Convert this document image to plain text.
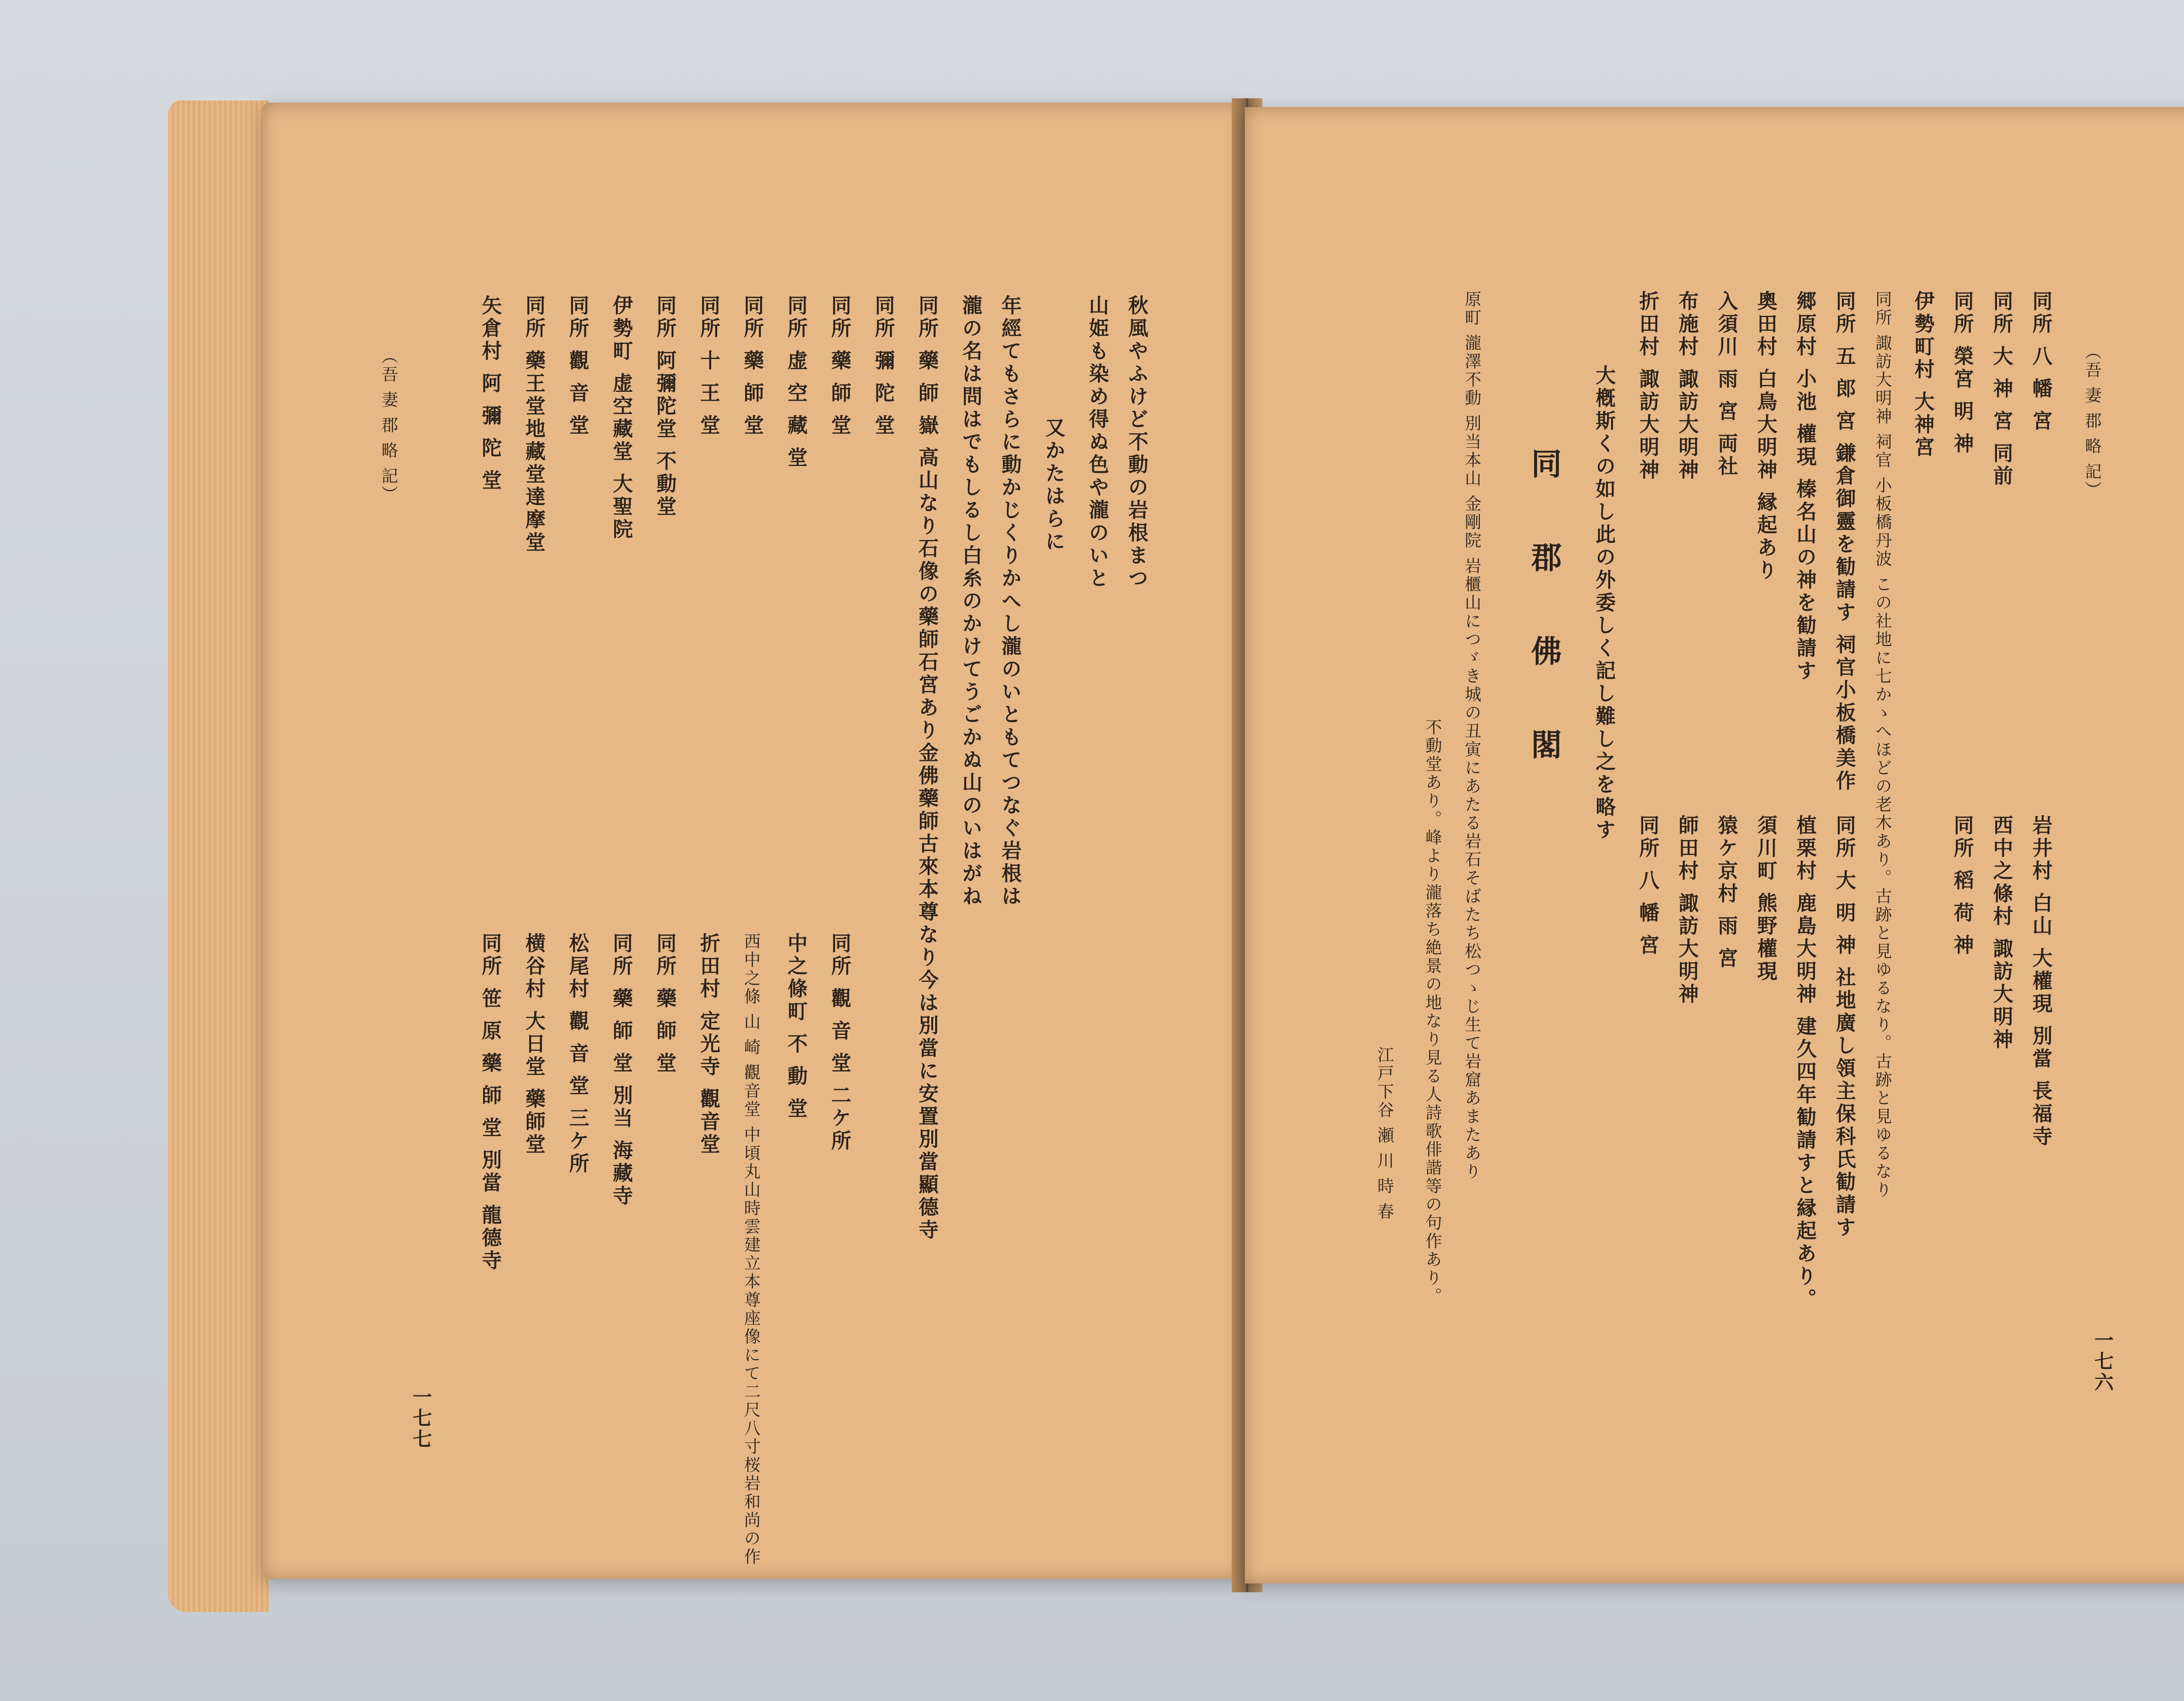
（吾 妻 郡 略 記）
一七七
秋風やふけど不動の岩根まつ
山姫も染め得ぬ色や瀧のいと
又かたはらに
年經てもさらに動かじくりかへし瀧のいともてつなぐ岩根は
瀧の名は問はでもしるし白糸のかけてうごかぬ山のいはがね
同所 藥 師 嶽 高山なり石像の藥師石宮あり金佛藥師古來本尊なり今は別當に安置別當顯德寺
同所 彌 陀 堂
同所 藥 師 堂
同所 虚 空 藏 堂
同所 藥 師 堂
同所 十 王 堂
同所 阿彌陀堂 不動堂
伊勢町 虚空藏堂 大聖院
同所 觀 音 堂
同所 藥王堂地藏堂達摩堂
矢倉村 阿 彌 陀 堂
同所 觀 音 堂 二ケ所
中之條町 不 動 堂
西中之條 山 崎 觀音堂 中頃丸山時雲建立本尊座像にて二尺八寸桜岩和尚の作
折田村 定光寺 觀音堂
同所 藥 師 堂
同所 藥 師 堂 別当 海藏寺
松尾村 觀 音 堂 三ケ所
横谷村 大日堂 藥師堂
同所 笹 原 藥 師 堂 別當 龍德寺
（吾 妻 郡 略 記）
一七六
同所 八 幡 宮
同所 大 神 宮 同前
同所 榮宮 明 神
伊勢町村 大神宮
同所 諏訪大明神 祠官 小板橋丹波 この社地に七かゝへほどの老木あり。古跡と見ゆるなり。古跡と見ゆるなり
同所 五 郎 宮 鎌倉御靈を勧請す 祠官小板橋美作
郷原村 小池 權現 榛名山の神を勧請す
奧田村 白鳥大明神 縁起あり
入須川 雨 宮 両社
布施村 諏訪大明神
折田村 諏訪大明神
大槪斯くの如し此の外委しく記し難し之を略す
同 郡 佛 閣
原町 瀧澤不動 別当本山 金剛院 岩櫃山につゞき城の丑寅にあたる岩石そばたち松つゝじ生て岩窟あまたあり
不動堂あり。峰より瀧落ち絶景の地なり見る人詩歌俳諧等の句作あり。
江戸下谷 瀬 川 時 春	岩井村 白山 大權現 別當 長福寺
西中之條村 諏訪大明神
同所 稻 荷 神
同所 大 明 神 社地廣し領主保科氏勧請す
植栗村 鹿島大明神 建久四年勧請すと縁起あり。
須川町 熊野權現
猿ケ京村 雨 宮
師田村 諏訪大明神
同所 八 幡 宮
